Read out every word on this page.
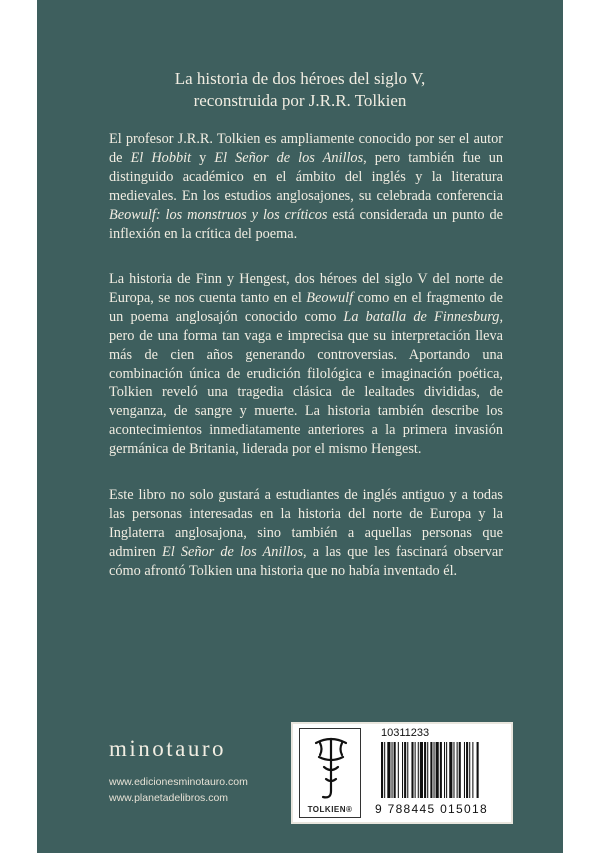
La historia de dos héroes del siglo V,
reconstruida por J.R.R. Tolkien

El profesor J.R.R. Tolkien es ampliamente conocido por ser el autor de El Hobbit y El Señor de los Anillos, pero también fue un distinguido académico en el ámbito del inglés y la literatura medievales. En los estudios anglosajones, su celebrada conferencia Beowulf: los monstruos y los críticos está considerada un punto de inflexión en la crítica del poema.

La historia de Finn y Hengest, dos héroes del siglo V del norte de Europa, se nos cuenta tanto en el Beowulf como en el fragmento de un poema anglosajón conocido como La batalla de Finnesburg, pero de una forma tan vaga e imprecisa que su interpretación lleva más de cien años generando controversias. Aportando una combinación única de erudición filológica e imaginación poética, Tolkien reveló una tragedia clásica de lealtades divididas, de venganza, de sangre y muerte. La historia también describe los acontecimientos inmediatamente anteriores a la primera invasión germánica de Britania, liderada por el mismo Hengest.

Este libro no solo gustará a estudiantes de inglés antiguo y a todas las personas interesadas en la historia del norte de Europa y la Inglaterra anglosajona, sino también a aquellas personas que admiren El Señor de los Anillos, a las que les fascinará observar cómo afrontó Tolkien una historia que no había inventado él.

minotauro
www.edicionesminotauro.com
www.planetadelibros.com
TOLKIEN®
10311233
9 788445 015018
